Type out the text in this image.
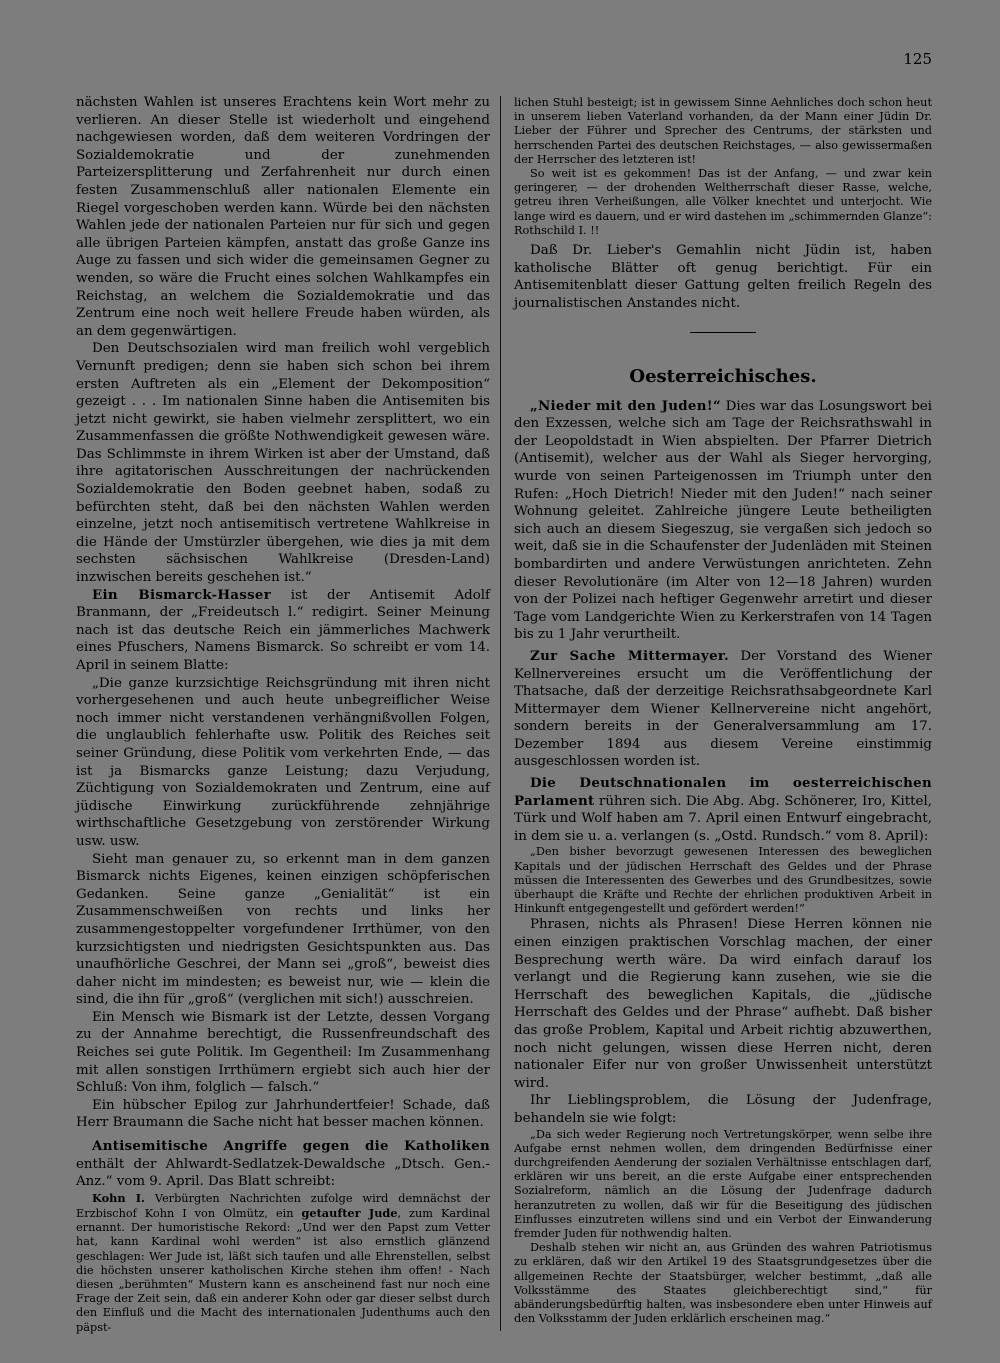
125

nächsten Wahlen ist unseres Erachtens kein Wort mehr zu verlieren. An dieser Stelle ist wiederholt und eingehend nachgewiesen worden, daß dem weiteren Vordringen der Sozialdemokratie und der zunehmenden Parteizersplitterung und Zerfahrenheit nur durch einen festen Zusammenschluß aller nationalen Elemente ein Riegel vorgeschoben werden kann. Würde bei den nächsten Wahlen jede der nationalen Parteien nur für sich und gegen alle übrigen Parteien kämpfen, anstatt das große Ganze ins Auge zu fassen und sich wider die gemeinsamen Gegner zu wenden, so wäre die Frucht eines solchen Wahlkampfes ein Reichstag, an welchem die Sozialdemokratie und das Zentrum eine noch weit hellere Freude haben würden, als an dem gegenwärtigen.

Den Deutschsozialen wird man freilich wohl vergeblich Vernunft predigen; denn sie haben sich schon bei ihrem ersten Auftreten als ein „Element der Dekomposition“ gezeigt . . . Im nationalen Sinne haben die Antisemiten bis jetzt nicht gewirkt, sie haben vielmehr zersplittert, wo ein Zusammenfassen die größte Nothwendigkeit gewesen wäre. Das Schlimmste in ihrem Wirken ist aber der Umstand, daß ihre agitatorischen Ausschreitungen der nachrückenden Sozialdemokratie den Boden geebnet haben, sodaß zu befürchten steht, daß bei den nächsten Wahlen werden einzelne, jetzt noch antisemitisch vertretene Wahlkreise in die Hände der Umstürzler übergehen, wie dies ja mit dem sechsten sächsischen Wahlkreise (Dresden-Land) inzwischen bereits geschehen ist.“

Ein Bismarck-Hasser ist der Antisemit Adolf Branmann, der „Freideutsch l.“ redigirt. Seiner Meinung nach ist das deutsche Reich ein jämmerliches Machwerk eines Pfuschers, Namens Bismarck. So schreibt er vom 14. April in seinem Blatte:

„Die ganze kurzsichtige Reichsgründung mit ihren nicht vorhergesehenen und auch heute unbegreiflicher Weise noch immer nicht verstandenen verhängnißvollen Folgen, die unglaublich fehlerhafte usw. Politik des Reiches seit seiner Gründung, diese Politik vom verkehrten Ende, — das ist ja Bismarcks ganze Leistung; dazu Verjudung, Züchtigung von Sozialdemokraten und Zentrum, eine auf jüdische Einwirkung zurückführende zehnjährige wirthschaftliche Gesetzgebung von zerstörender Wirkung usw. usw.

Sieht man genauer zu, so erkennt man in dem ganzen Bismarck nichts Eigenes, keinen einzigen schöpferischen Gedanken. Seine ganze „Genialität“ ist ein Zusammenschweißen von rechts und links her zusammengestoppelter vorgefundener Irrthümer, von den kurzsichtigsten und niedrigsten Gesichtspunkten aus. Das unaufhörliche Geschrei, der Mann sei „groß“, beweist dies daher nicht im mindesten; es beweist nur, wie — klein die sind, die ihn für „groß“ (verglichen mit sich!) ausschreien.

Ein Mensch wie Bismark ist der Letzte, dessen Vorgang zu der Annahme berechtigt, die Russenfreundschaft des Reiches sei gute Politik. Im Gegentheil: Im Zusammenhang mit allen sonstigen Irrthümern ergiebt sich auch hier der Schluß: Von ihm, folglich — falsch.“

Ein hübscher Epilog zur Jahrhundertfeier! Schade, daß Herr Braumann die Sache nicht hat besser machen können.

Antisemitische Angriffe gegen die Katholiken enthält der Ahlwardt-Sedlatzek-Dewaldsche „Dtsch. Gen.-Anz.“ vom 9. April. Das Blatt schreibt:

Kohn I. Verbürgten Nachrichten zufolge wird demnächst der Erzbischof Kohn I von Olmütz, ein getaufter Jude, zum Kardinal ernannt. Der humoristische Rekord: „Und wer den Papst zum Vetter hat, kann Kardinal wohl werden“ ist also ernstlich glänzend geschlagen: Wer Jude ist, läßt sich taufen und alle Ehrenstellen, selbst die höchsten unserer katholischen Kirche stehen ihm offen! - Nach diesen „berühmten“ Mustern kann es anscheinend fast nur noch eine Frage der Zeit sein, daß ein anderer Kohn oder gar dieser selbst durch den Einfluß und die Macht des internationalen Judenthums auch den päpst-

lichen Stuhl besteigt; ist in gewissem Sinne Aehnliches doch schon heut in unserem lieben Vaterland vorhanden, da der Mann einer Jüdin Dr. Lieber der Führer und Sprecher des Centrums, der stärksten und herrschenden Partei des deutschen Reichstages, — also gewissermaßen der Herrscher des letzteren ist!

So weit ist es gekommen! Das ist der Anfang, — und zwar kein geringerer, — der drohenden Weltherrschaft dieser Rasse, welche, getreu ihren Verheißungen, alle Völker knechtet und unterjocht. Wie lange wird es dauern, und er wird dastehen im „schimmernden Glanze“: Rothschild I. !!

Daß Dr. Lieber's Gemahlin nicht Jüdin ist, haben katholische Blätter oft genug berichtigt. Für ein Antisemitenblatt dieser Gattung gelten freilich Regeln des journalistischen Anstandes nicht.

Oesterreichisches.

„Nieder mit den Juden!“ Dies war das Losungswort bei den Exzessen, welche sich am Tage der Reichsrathswahl in der Leopoldstadt in Wien abspielten. Der Pfarrer Dietrich (Antisemit), welcher aus der Wahl als Sieger hervorging, wurde von seinen Parteigenossen im Triumph unter den Rufen: „Hoch Dietrich! Nieder mit den Juden!“ nach seiner Wohnung geleitet. Zahlreiche jüngere Leute betheiligten sich auch an diesem Siegeszug, sie vergaßen sich jedoch so weit, daß sie in die Schaufenster der Judenläden mit Steinen bombardirten und andere Verwüstungen anrichteten. Zehn dieser Revolutionäre (im Alter von 12—18 Jahren) wurden von der Polizei nach heftiger Gegenwehr arretirt und dieser Tage vom Landgerichte Wien zu Kerkerstrafen von 14 Tagen bis zu 1 Jahr verurtheilt.

Zur Sache Mittermayer. Der Vorstand des Wiener Kellnervereines ersucht um die Veröffentlichung der Thatsache, daß der derzeitige Reichsrathsabgeordnete Karl Mittermayer dem Wiener Kellnervereine nicht angehört, sondern bereits in der Generalversammlung am 17. Dezember 1894 aus diesem Vereine einstimmig ausgeschlossen worden ist.

Die Deutschnationalen im oesterreichischen Parlament rühren sich. Die Abg. Abg. Schönerer, Iro, Kittel, Türk und Wolf haben am 7. April einen Entwurf eingebracht, in dem sie u. a. verlangen (s. „Ostd. Rundsch.“ vom 8. April):

„Den bisher bevorzugt gewesenen Interessen des beweglichen Kapitals und der jüdischen Herrschaft des Geldes und der Phrase müssen die Interessenten des Gewerbes und des Grundbesitzes, sowie überhaupt die Kräfte und Rechte der ehrlichen produktiven Arbeit in Hinkunft entgegengestellt und gefördert werden!“

Phrasen, nichts als Phrasen! Diese Herren können nie einen einzigen praktischen Vorschlag machen, der einer Besprechung werth wäre. Da wird einfach darauf los verlangt und die Regierung kann zusehen, wie sie die Herrschaft des beweglichen Kapitals, die „jüdische Herrschaft des Geldes und der Phrase“ aufhebt. Daß bisher das große Problem, Kapital und Arbeit richtig abzuwerthen, noch nicht gelungen, wissen diese Herren nicht, deren nationaler Eifer nur von großer Unwissenheit unterstützt wird.

Ihr Lieblingsproblem, die Lösung der Judenfrage, behandeln sie wie folgt:

„Da sich weder Regierung noch Vertretungskörper, wenn selbe ihre Aufgabe ernst nehmen wollen, dem dringenden Bedürfnisse einer durchgreifenden Aenderung der sozialen Verhältnisse entschlagen darf, erklären wir uns bereit, an die erste Aufgabe einer entsprechenden Sozialreform, nämlich an die Lösung der Judenfrage dadurch heranzutreten zu wollen, daß wir für die Beseitigung des jüdischen Einflusses einzutreten willens sind und ein Verbot der Einwanderung fremder Juden für nothwendig halten.

Deshalb stehen wir nicht an, aus Gründen des wahren Patriotismus zu erklären, daß wir den Artikel 19 des Staatsgrundgesetzes über die allgemeinen Rechte der Staatsbürger, welcher bestimmt, „daß alle Volksstämme des Staates gleichberechtigt sind,“ für abänderungsbedürftig halten, was insbesondere eben unter Hinweis auf den Volksstamm der Juden erklärlich erscheinen mag.“
